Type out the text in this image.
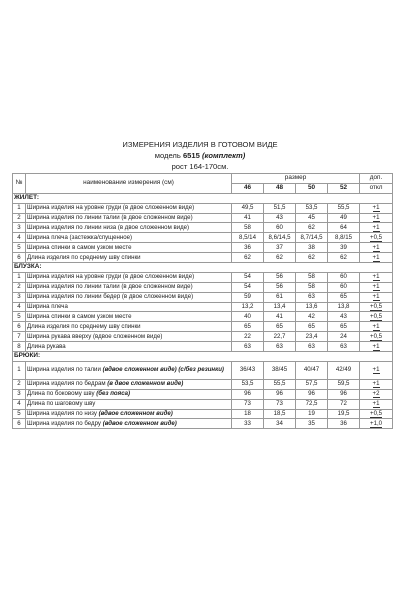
ИЗМЕРЕНИЯ ИЗДЕЛИЯ В ГОТОВОМ ВИДЕ
модель 6515 (комплект)
рост 164-170см.
№	наименование измерения (см)	размер				доп.
		46	48	50	52	откл
ЖИЛЕТ:						
1	Ширина изделия на уровне груди (в двое сложенном виде)	49,5	51,5	53,5	55,5	+1
2	Ширина изделия по линии талии (в двое сложенном виде)	41	43	45	49	+1
3	Ширина изделия по линии низа (в двое сложенном виде)	58	60	62	64	+1
4	Ширина плеча (застежка/спущенное)	8,5/14	8,6/14,5	8,7/14,5	8,8/15	+0,5
5	Ширина спинки в самом узком месте	36	37	38	39	+1
6	Длина изделия по среднему шву спинки	62	62	62	62	+1
БЛУЗКА:						
1	Ширина изделия на уровне груди (в двое сложенном виде)	54	56	58	60	+1
2	Ширина изделия по линии талии (в двое сложенном виде)	54	56	58	60	+1
3	Ширина изделия по линии бедер (в двое сложенном виде)	59	61	63	65	+1
4	Ширина плеча	13,2	13,4	13,6	13,8	+0,5
5	Ширина спинки в самом узком месте	40	41	42	43	+0,5
6	Длина изделия по среднему шву спинки	65	65	65	65	+1
7	Ширина рукава вверху (вдвое сложенном виде)	22	22,7	23,4	24	+0,5
8	Длина рукава	63	63	63	63	+1
БРЮКИ:						
1	Ширина изделия по талии (вдвое сложенном виде) (с/без резинки)	36/43	38/45	40/47	42/49	+1
2	Ширина изделия по бедрам (в двое сложенном виде)	53,5	55,5	57,5	59,5	+1
3	Длина по боковому шву (без пояса)	96	96	96	96	+2
4	Длина по шаговому шву	73	73	72,5	72	+1
5	Ширина изделия по низу (вдвое сложенном виде)	18	18,5	19	19,5	+0,5
6	Ширина изделия по бедру (вдвое сложенном виде)	33	34	35	36	+1,0
